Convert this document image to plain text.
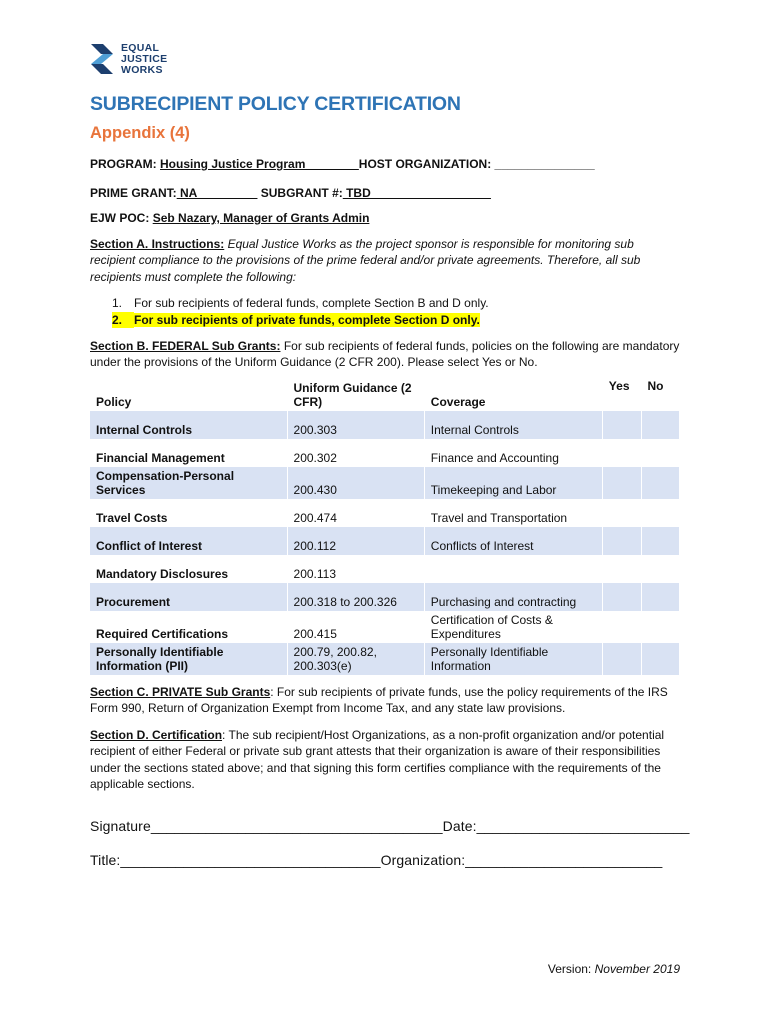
EQUAL
JUSTICE
WORKS
SUBRECIPIENT POLICY CERTIFICATION
Appendix (4)
PROGRAM: Housing Justice Program________HOST ORGANIZATION: _______________
PRIME GRANT: NA_________ SUBGRANT #: TBD__________________
EJW POC: Seb Nazary, Manager of Grants Admin
Section A. Instructions: Equal Justice Works as the project sponsor is responsible for monitoring sub recipient compliance to the provisions of the prime federal and/or private agreements. Therefore, all sub recipients must complete the following:
1. For sub recipients of federal funds, complete Section B and D only.
2. For sub recipients of private funds, complete Section D only.
Section B. FEDERAL Sub Grants: For sub recipients of federal funds, policies on the following are mandatory under the provisions of the Uniform Guidance (2 CFR 200). Please select Yes or No.
Policy	Uniform Guidance (2 CFR)	Coverage	Yes	No
Internal Controls	200.303	Internal Controls		
Financial Management	200.302	Finance and Accounting		
Compensation-Personal Services	200.430	Timekeeping and Labor		
Travel Costs	200.474	Travel and Transportation		
Conflict of Interest	200.112	Conflicts of Interest		
Mandatory Disclosures	200.113			
Procurement	200.318 to 200.326	Purchasing and contracting		
Required Certifications	200.415	Certification of Costs & Expenditures		
Personally Identifiable Information (PII)	200.79, 200.82, 200.303(e)	Personally Identifiable Information		
Section C. PRIVATE Sub Grants: For sub recipients of private funds, use the policy requirements of the IRS Form 990, Return of Organization Exempt from Income Tax, and any state law provisions.
Section D. Certification: The sub recipient/Host Organizations, as a non-profit organization and/or potential recipient of either Federal or private sub grant attests that their organization is aware of their responsibilities under the sections stated above; and that signing this form certifies compliance with the requirements of the applicable sections.
Signature_____________________________________Date:___________________________
Title:_________________________________Organization:_________________________
Version: November 2019
